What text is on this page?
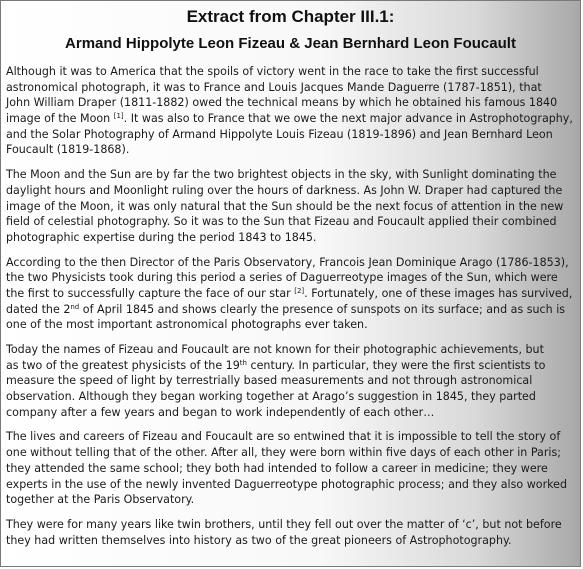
Extract from Chapter III.1:
Armand Hippolyte Leon Fizeau & Jean Bernhard Leon Foucault
Although it was to America that the spoils of victory went in the race to take the first successful
astronomical photograph, it was to France and Louis Jacques Mande Daguerre (1787-1851), that
John William Draper (1811-1882) owed the technical means by which he obtained his famous 1840
image of the Moon [1]. It was also to France that we owe the next major advance in Astrophotography,
and the Solar Photography of Armand Hippolyte Louis Fizeau (1819-1896) and Jean Bernhard Leon
Foucault (1819-1868).
The Moon and the Sun are by far the two brightest objects in the sky, with Sunlight dominating the
daylight hours and Moonlight ruling over the hours of darkness. As John W. Draper had captured the
image of the Moon, it was only natural that the Sun should be the next focus of attention in the new
field of celestial photography. So it was to the Sun that Fizeau and Foucault applied their combined
photographic expertise during the period 1843 to 1845.
According to the then Director of the Paris Observatory, Francois Jean Dominique Arago (1786-1853),
the two Physicists took during this period a series of Daguerreotype images of the Sun, which were
the first to successfully capture the face of our star [2]. Fortunately, one of these images has survived,
dated the 2nd of April 1845 and shows clearly the presence of sunspots on its surface; and as such is
one of the most important astronomical photographs ever taken.
Today the names of Fizeau and Foucault are not known for their photographic achievements, but
as two of the greatest physicists of the 19th century. In particular, they were the first scientists to
measure the speed of light by terrestrially based measurements and not through astronomical
observation. Although they began working together at Arago’s suggestion in 1845, they parted
company after a few years and began to work independently of each other…
The lives and careers of Fizeau and Foucault are so entwined that it is impossible to tell the story of
one without telling that of the other. After all, they were born within five days of each other in Paris;
they attended the same school; they both had intended to follow a career in medicine; they were
experts in the use of the newly invented Daguerreotype photographic process; and they also worked
together at the Paris Observatory.
They were for many years like twin brothers, until they fell out over the matter of ‘c’, but not before
they had written themselves into history as two of the great pioneers of Astrophotography.
